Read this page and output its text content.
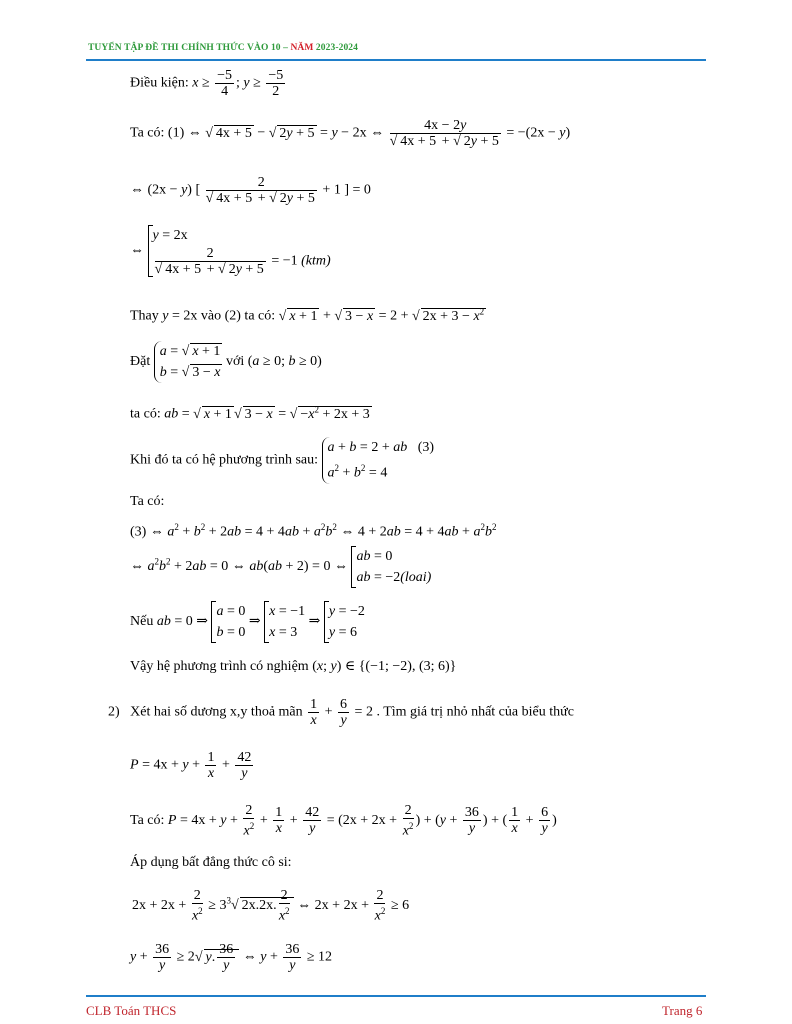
TUYỂN TẬP ĐỀ THI CHÍNH THỨC VÀO 10 – NĂM 2023-2024
Điều kiện: $x \ge \frac{-5}{4}$ ; $y \ge \frac{-5}{2}$
Ta có: (1) ⇔ √ 4x + 5 − √ 2y + 5 = y − 2x ⇔ 4x − 2y
√ 4x + 5 + √ 2y + 5 = −(2x − y)
⇔ (2x − y) [ 2
√ 4x + 5 + √ 2y + 5 + 1 ] = 0
⇔
y = 2x
2
√ 4x + 5 + √ 2y + 5 = −1 (ktm)
Thay y = 2x vào (2) ta có: √ x + 1 + √ 3 − x = 2 + √ $2x + 3 - x^2$
Đặt
a = √ x + 1
b = √ 3 − x
với (a ≥ 0; b ≥ 0)
ta có: ab = √ x + 1√ 3 − x = √ $-x^2 + 2x + 3$
Khi đó ta có hệ phương trình sau:
a + b = 2 + ab (3)
$a^2 + b^2 = 4$
Ta có:
(3) ⇔ $a^2 + b^2 + 2ab = 4 + 4ab + a^2b^2$ ⇔ $4 + 2ab = 4 + 4ab + a^2b^2$
⇔ $a^2b^2 + 2ab = 0$ ⇔ ab(ab + 2) = 0 ⇔
ab = 0
ab = −2(loai)
Nếu ab = 0 ⇒
a = 0
b = 0
⇒
x = −1
x = 3
⇒
y = −2
y = 6
Vậy hệ phương trình có nghiệm (x; y) ∈ {(−1; −2), (3; 6)}
2) Xét hai số dương x,y thoả mãn $\frac{1}{x} + \frac{6}{y} = 2$ . Tìm giá trị nhỏ nhất của biểu thức
$P = 4x + y + \frac{1}{x} + \frac{42}{y}$
Ta có: $P = 4x + y + \frac{2}{x^2} + \frac{1}{x} + \frac{42}{y} = (2x + 2x + \frac{2}{x^2}$ ) + ($y + \frac{36}{y}$ ) + ( $\frac{1}{x} + \frac{6}{y}$ )
Áp dụng bất đẳng thức cô si:
$2x + 2x + \frac{2}{x^2} \ge 3^3√$ 2x.2x. $\frac{2}{x^2}$ ⇔ $2x + 2x + \frac{2}{x^2} \ge 6$
$y + \frac{36}{y} \ge 2√$ y. $\frac{36}{y}$ ⇔ $y + \frac{36}{y} \ge 12$
CLB Toán THCS	Trang 6
